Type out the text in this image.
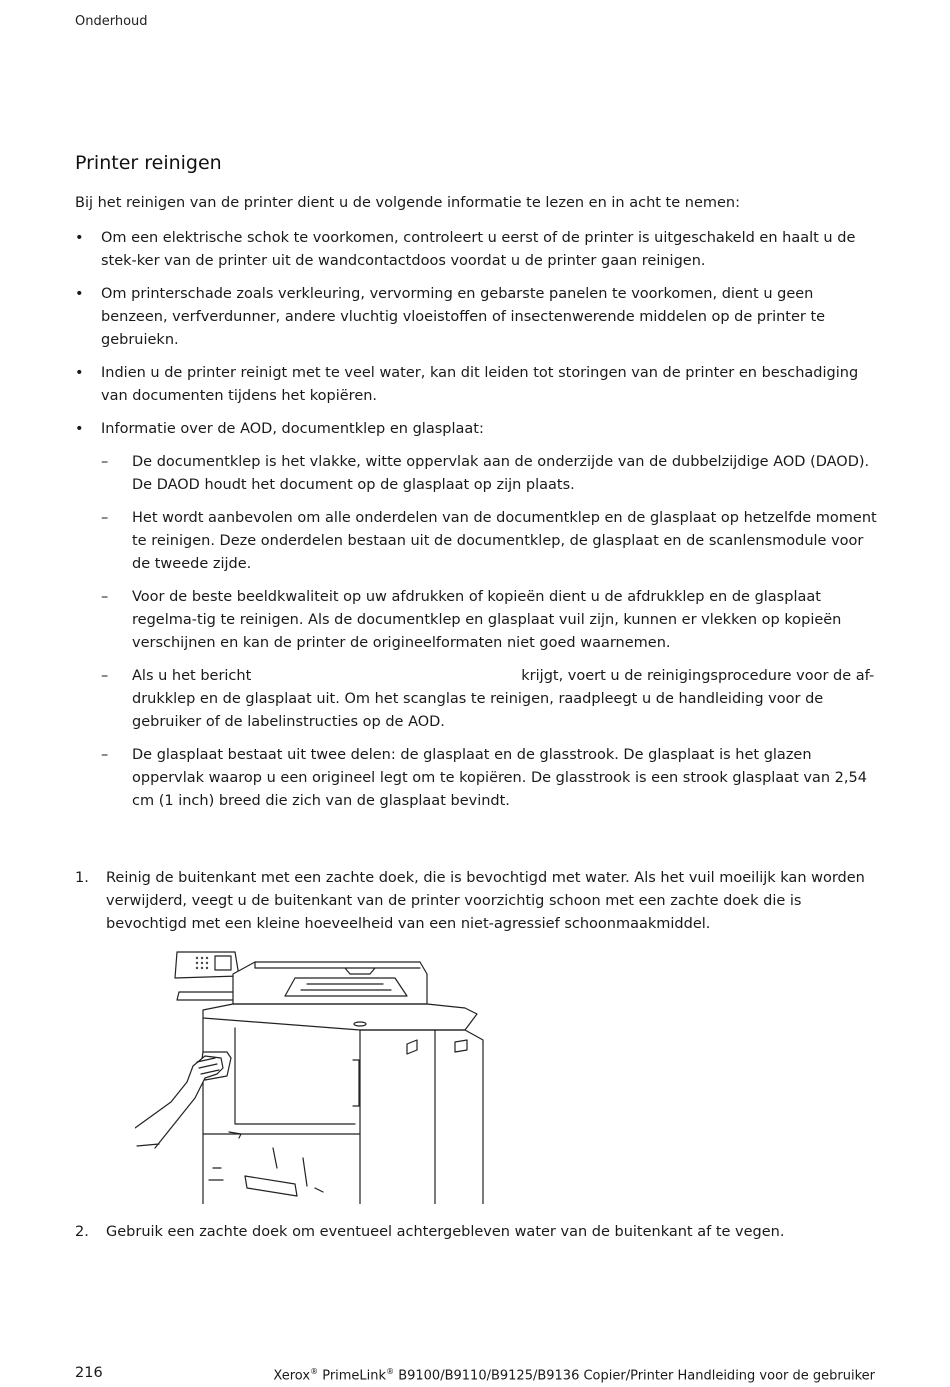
Onderhoud
Printer reinigen

Bij het reinigen van de printer dient u de volgende informatie te lezen en in acht te nemen:

• Om een elektrische schok te voorkomen, controleert u eerst of de printer is uitgeschakeld en haalt u de stek-ker van de printer uit de wandcontactdoos voordat u de printer gaan reinigen.
• Om printerschade zoals verkleuring, vervorming en gebarste panelen te voorkomen, dient u geen benzeen, verfverdunner, andere vluchtig vloeistoffen of insectenwerende middelen op de printer te gebruiekn.
• Indien u de printer reinigt met te veel water, kan dit leiden tot storingen van de printer en beschadiging van documenten tijdens het kopiëren.
• Informatie over de AOD, documentklep en glasplaat:
– De documentklep is het vlakke, witte oppervlak aan de onderzijde van de dubbelzijdige AOD (DAOD). De DAOD houdt het document op de glasplaat op zijn plaats.
– Het wordt aanbevolen om alle onderdelen van de documentklep en de glasplaat op hetzelfde moment te reinigen. Deze onderdelen bestaan uit de documentklep, de glasplaat en de scanlensmodule voor de tweede zijde.
– Voor de beste beeldkwaliteit op uw afdrukken of kopieën dient u de afdrukklep en de glasplaat regelma-tig te reinigen. Als de documentklep en glasplaat vuil zijn, kunnen er vlekken op kopieën verschijnen en kan de printer de origineelformaten niet goed waarnemen.
– Als u het bericht	krijgt, voert u de reinigingsprocedure voor de af-drukklep en de glasplaat uit. Om het scanglas te reinigen, raadpleegt u de handleiding voor de gebruiker of de labelinstructies op de AOD.
– De glasplaat bestaat uit twee delen: de glasplaat en de glasstrook. De glasplaat is het glazen oppervlak waarop u een origineel legt om te kopiëren. De glasstrook is een strook glasplaat van 2,54 cm (1 inch) breed die zich van de glasplaat bevindt.
1. Reinig de buitenkant met een zachte doek, die is bevochtigd met water. Als het vuil moeilijk kan worden verwijderd, veegt u de buitenkant van de printer voorzichtig schoon met een zachte doek die is bevochtigd met een kleine hoeveelheid van een niet-agressief schoonmaakmiddel.
2. Gebruik een zachte doek om eventueel achtergebleven water van de buitenkant af te vegen.
216	Xerox® PrimeLink® B9100/B9110/B9125/B9136 Copier/Printer Handleiding voor de gebruiker
